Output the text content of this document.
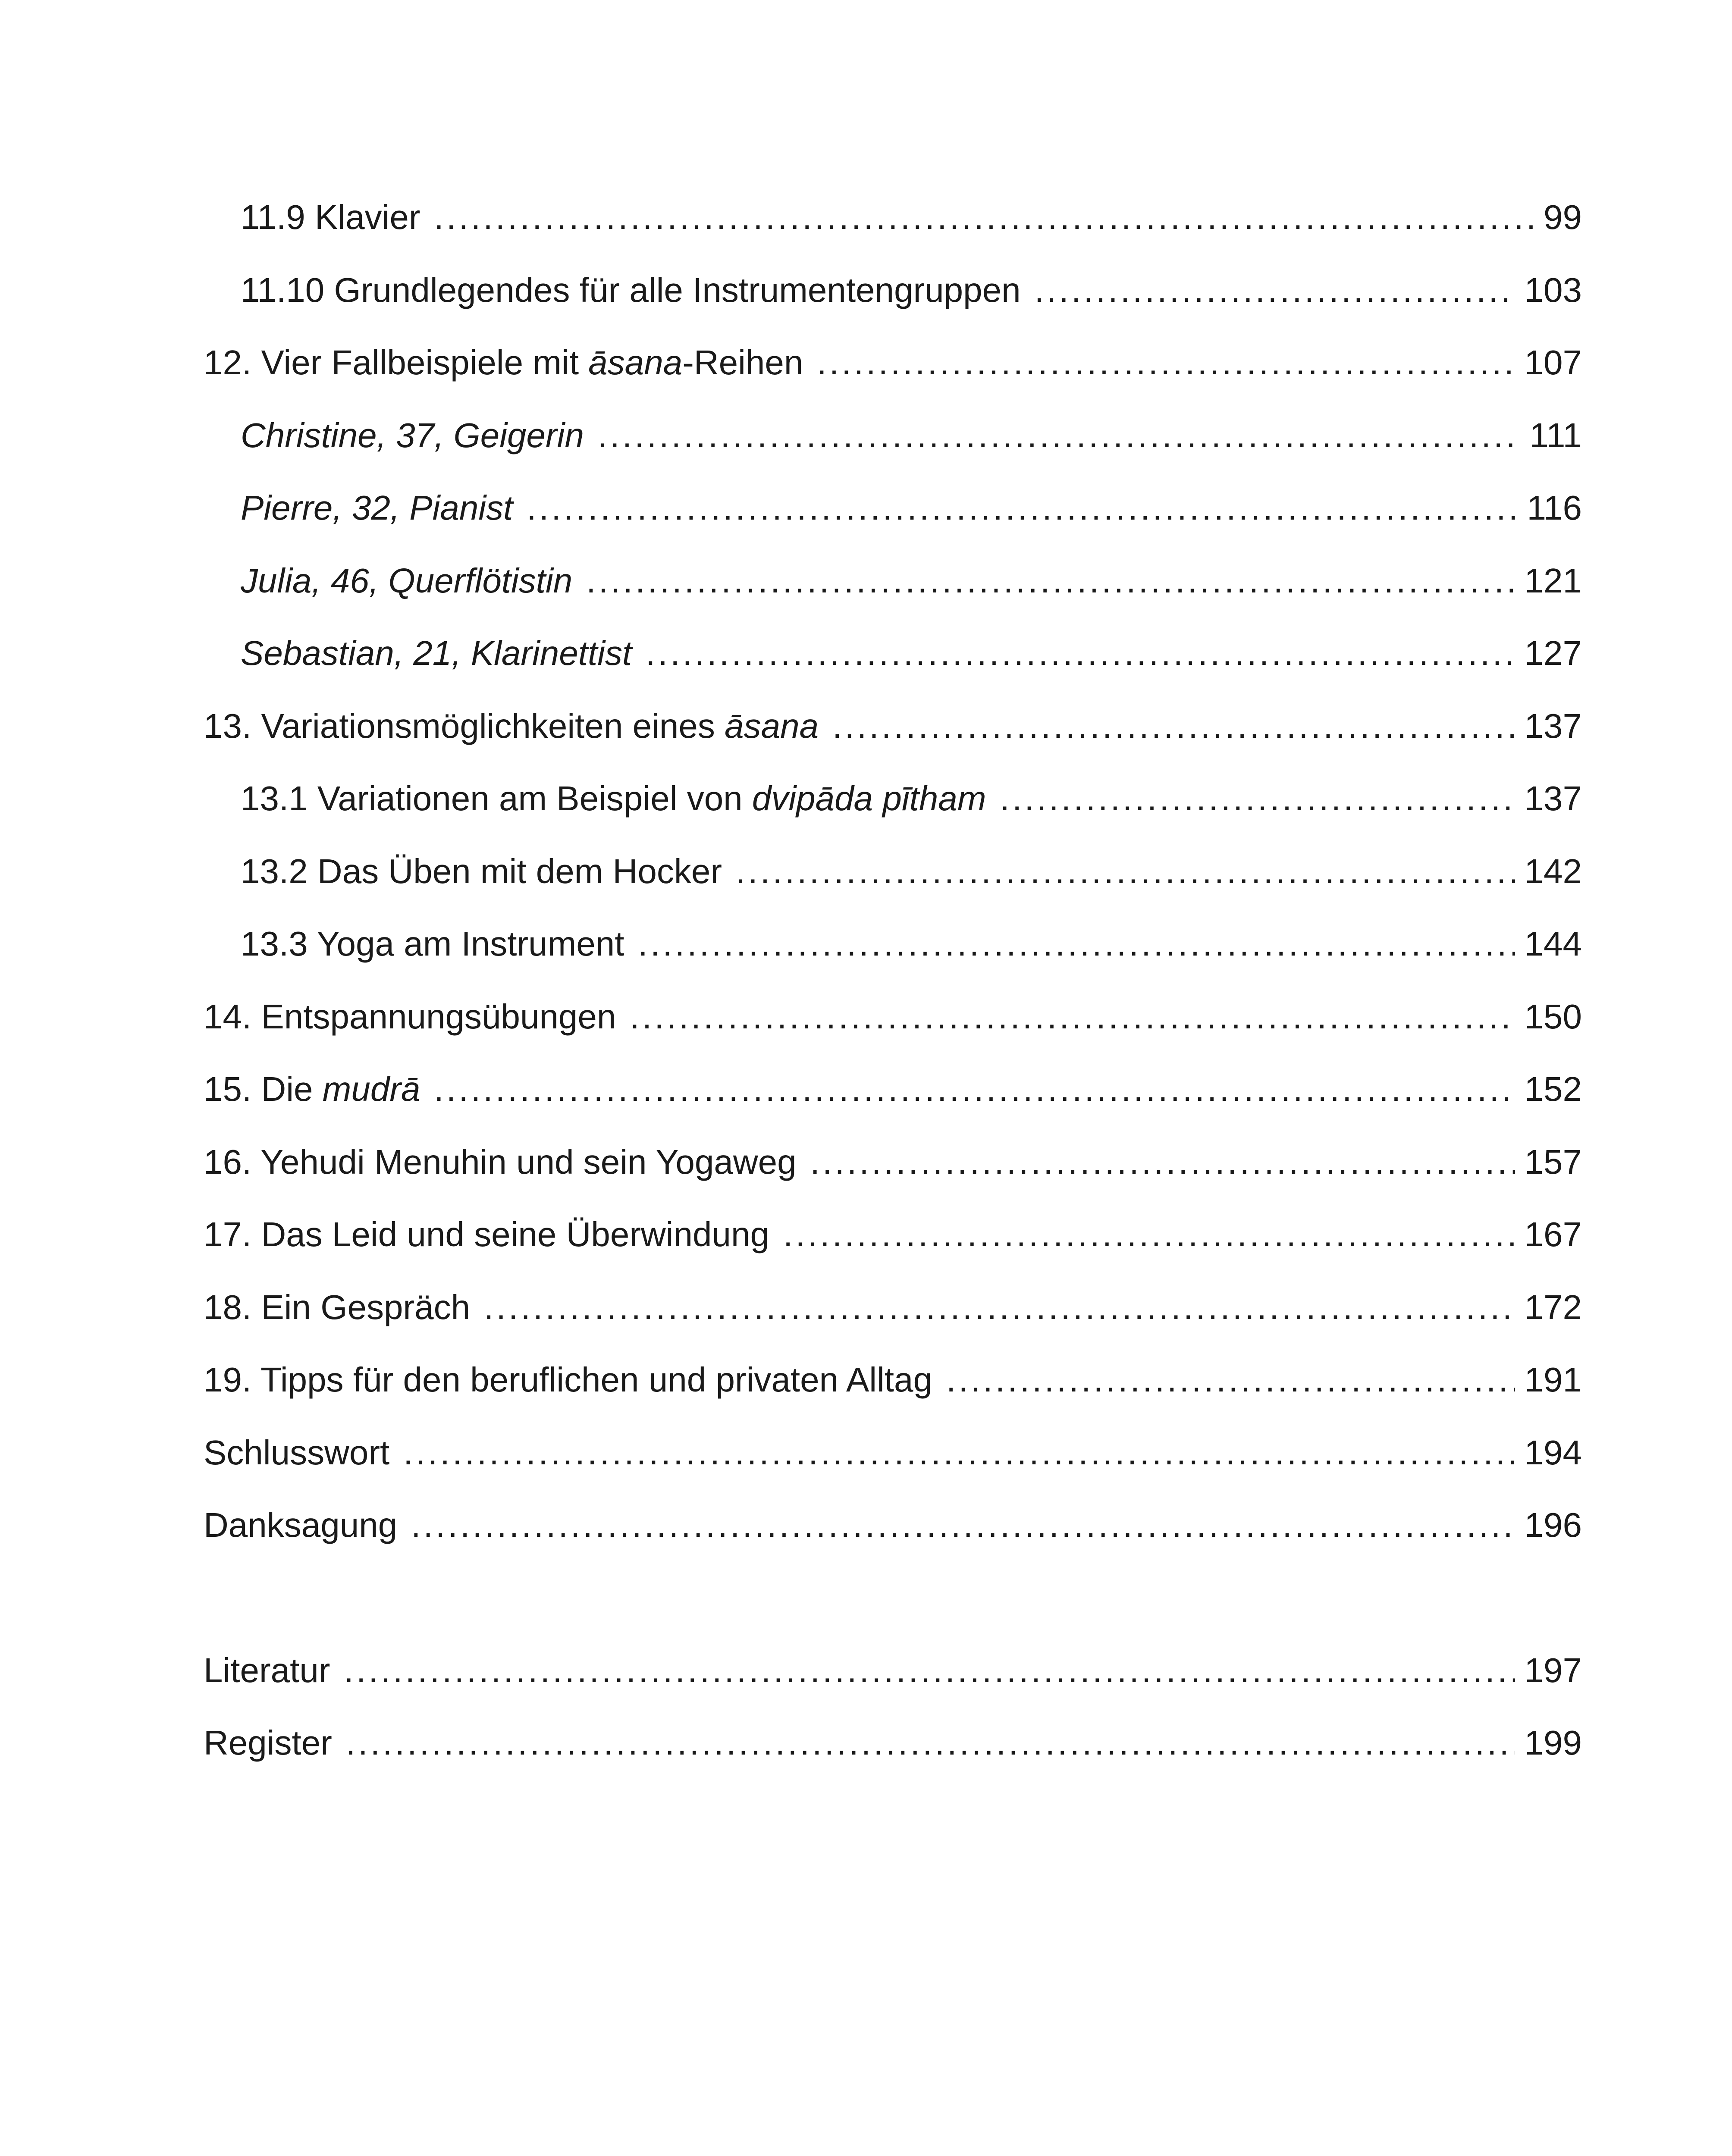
11.9 Klavier . . .	99
11.10 Grundlegendes für alle Instrumentengruppen . . .	103
12. Vier Fallbeispiele mit āsana-Reihen . . .	107
Christine, 37, Geigerin . . .	111
Pierre, 32, Pianist . . .	116
Julia, 46, Querflötistin . . .	121
Sebastian, 21, Klarinettist . . .	127
13. Variationsmöglichkeiten eines āsana . . .	137
13.1 Variationen am Beispiel von dvipāda pītham . . .	137
13.2 Das Üben mit dem Hocker . . .	142
13.3 Yoga am Instrument . . .	144
14. Entspannungsübungen . . .	150
15. Die mudrā . . .	152
16. Yehudi Menuhin und sein Yogaweg . . .	157
17. Das Leid und seine Überwindung . . .	167
18. Ein Gespräch . . .	172
19. Tipps für den beruflichen und privaten Alltag . . .	191
Schlusswort . . .	194
Danksagung . . .	196
Literatur . . .	197
Register . . .	199
